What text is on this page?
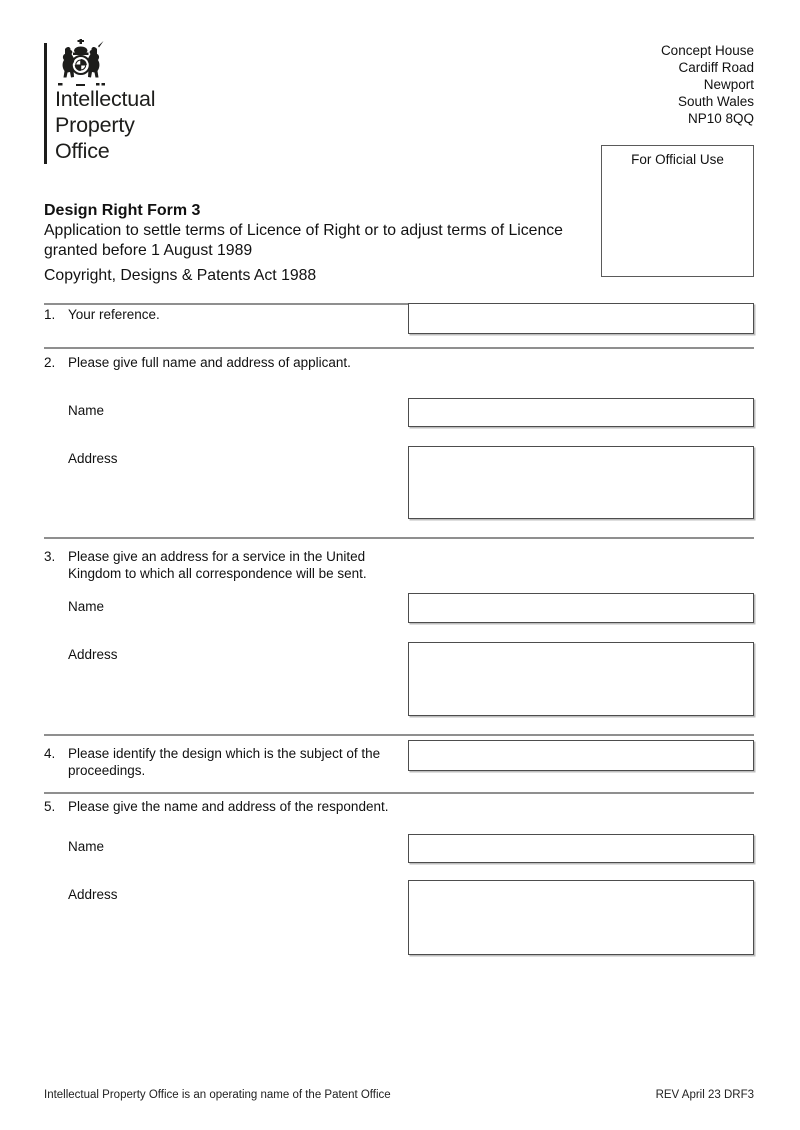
Intellectual
Property
Office
Concept House
Cardiff Road
Newport
South Wales
NP10 8QQ
For Official Use
Design Right Form 3
Application to settle terms of Licence of Right or to adjust terms of Licence granted before 1 August 1989
Copyright, Designs & Patents Act 1988
1. Your reference.
2. Please give full name and address of applicant.
Name
Address
3. Please give an address for a service in the United Kingdom to which all correspondence will be sent.
Name
Address
4. Please identify the design which is the subject of the proceedings.
5. Please give the name and address of the respondent.
Name
Address
Intellectual Property Office is an operating name of the Patent Office	REV April 23 DRF3
